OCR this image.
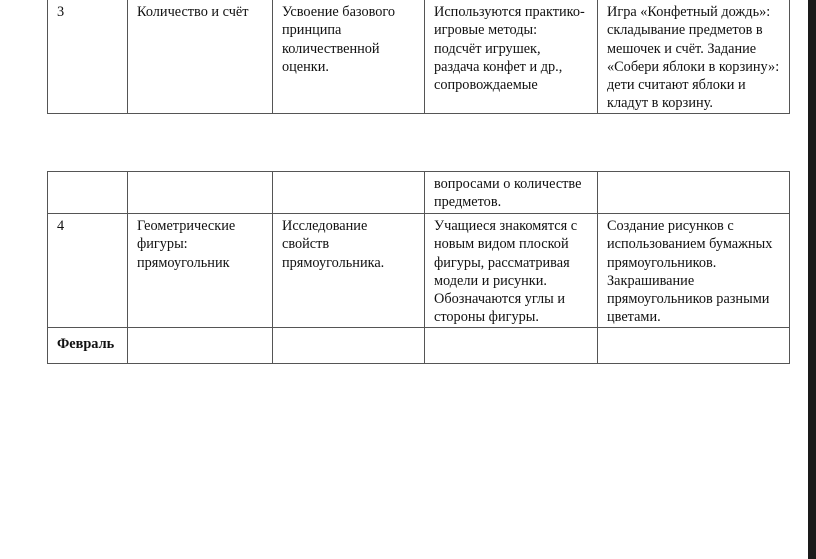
3	Количество и счёт	Усвоение базового принципа количественной оценки.	Используются практико-игровые методы: подсчёт игрушек, раздача конфет и др., сопровождаемые	Игра «Конфетный дождь»: складывание предметов в мешочек и счёт. Задание «Собери яблоки в корзину»: дети считают яблоки и кладут в корзину.
			вопросами о количестве предметов.	
4	Геометрические фигуры: прямоугольник	Исследование свойств прямоугольника.	Учащиеся знакомятся с новым видом плоской фигуры, рассматривая модели и рисунки. Обозначаются углы и стороны фигуры.	Создание рисунков с использованием бумажных прямоугольников. Закрашивание прямоугольников разными цветами.
Февраль				
